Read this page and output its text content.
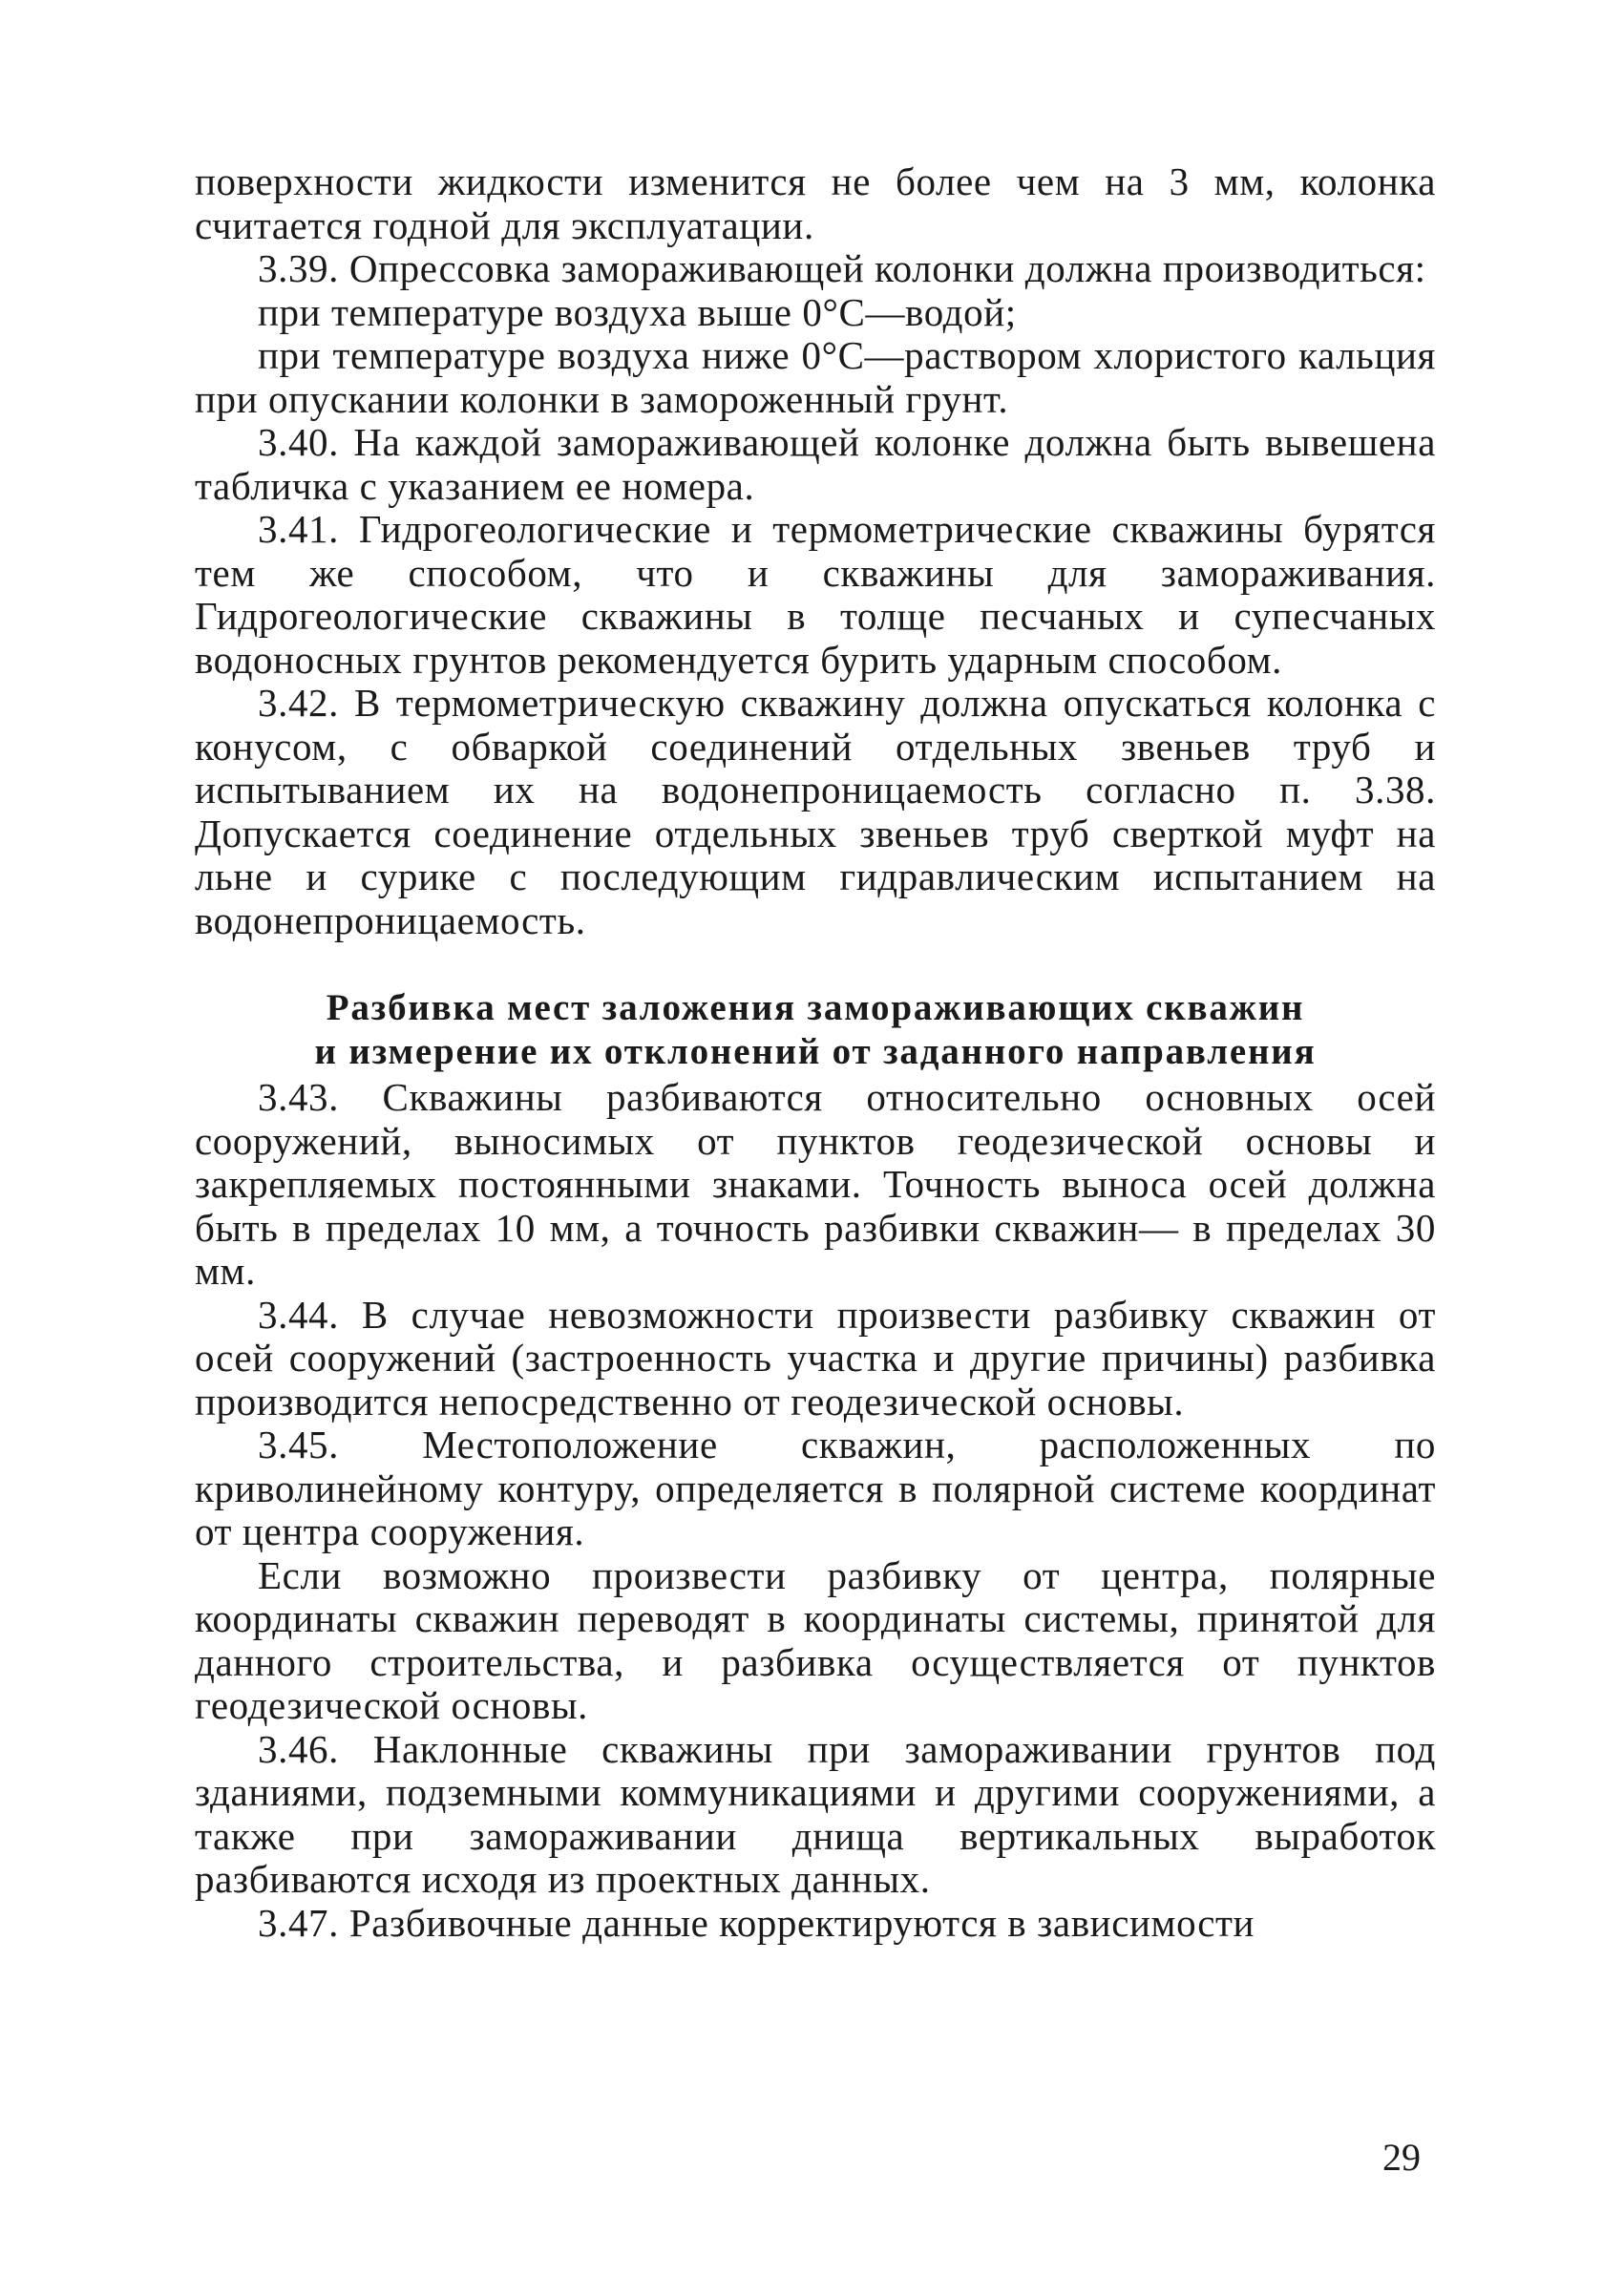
поверхности жидкости изменится не более чем на 3 мм, колонка считается годной для эксплуатации.

3.39. Опрессовка замораживающей колонки должна производиться:

при температуре воздуха выше 0°С—водой;

при температуре воздуха ниже 0°С—раствором хлористого кальция при опускании колонки в замороженный грунт.

3.40. На каждой замораживающей колонке должна быть вывешена табличка с указанием ее номера.

3.41. Гидрогеологические и термометрические скважины бурятся тем же способом, что и скважины для замораживания. Гидрогеологические скважины в толще песчаных и супесчаных водоносных грунтов рекомендуется бурить ударным способом.

3.42. В термометрическую скважину должна опускаться колонка с конусом, с обваркой соединений отдельных звеньев труб и испытыванием их на водонепроницаемость согласно п. 3.38. Допускается соединение отдельных звеньев труб сверткой муфт на льне и сурике с последующим гидравлическим испытанием на водонепроницаемость.

Разбивка мест заложения замораживающих скважин
и измерение их отклонений от заданного направления

3.43. Скважины разбиваются относительно основных осей сооружений, выносимых от пунктов геодезической основы и закрепляемых постоянными знаками. Точность выноса осей должна быть в пределах 10 мм, а точность разбивки скважин— в пределах 30 мм.

3.44. В случае невозможности произвести разбивку скважин от осей сооружений (застроенность участка и другие причины) разбивка производится непосредственно от геодезической основы.

3.45. Местоположение скважин, расположенных по криволинейному контуру, определяется в полярной системе координат от центра сооружения.

Если возможно произвести разбивку от центра, полярные координаты скважин переводят в координаты системы, принятой для данного строительства, и разбивка осуществляется от пунктов геодезической основы.

3.46. Наклонные скважины при замораживании грунтов под зданиями, подземными коммуникациями и другими сооружениями, а также при замораживании днища вертикальных выработок разбиваются исходя из проектных данных.

3.47. Разбивочные данные корректируются в зависимости

29
